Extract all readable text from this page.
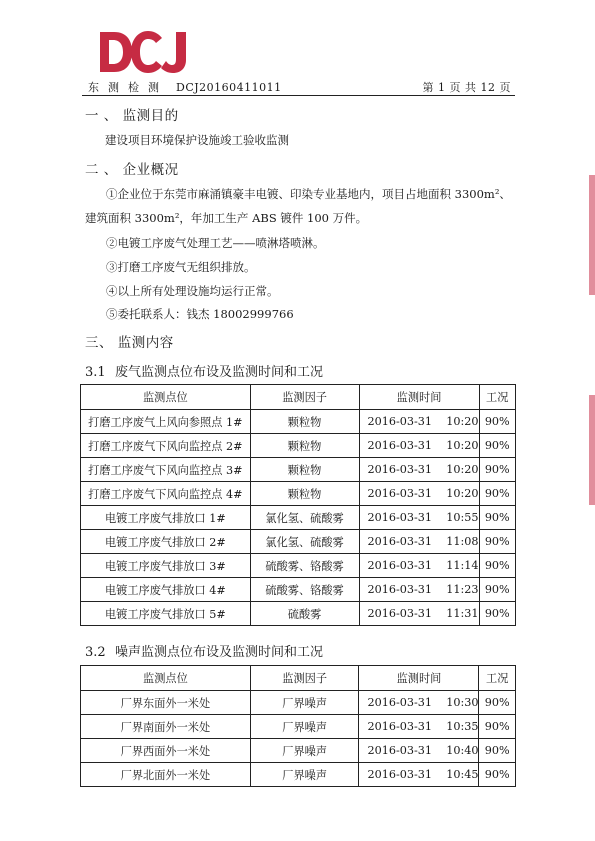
东测检测 DCJ20160411011	第 1 页 共 12 页
一 、 监测目的
建设项目环境保护设施竣工验收监测
二 、 企业概况
①企业位于东莞市麻涌镇豪丰电镀、印染专业基地内，项目占地面积 3300m²、
建筑面积 3300m²，年加工生产 ABS 镀件 100 万件。
②电镀工序废气处理工艺——喷淋塔喷淋。
③打磨工序废气无组织排放。
④以上所有处理设施均运行正常。
⑤委托联系人：钱杰 18002999766
三、 监测内容
3.1 废气监测点位布设及监测时间和工况
监测点位	监测因子	监测时间	工况
打磨工序废气上风向参照点 1#	颗粒物	2016-03-31    10:20	90%
打磨工序废气下风向监控点 2#	颗粒物	2016-03-31    10:20	90%
打磨工序废气下风向监控点 3#	颗粒物	2016-03-31    10:20	90%
打磨工序废气下风向监控点 4#	颗粒物	2016-03-31    10:20	90%
电镀工序废气排放口 1#	氯化氢、硫酸雾	2016-03-31    10:55	90%
电镀工序废气排放口 2#	氯化氢、硫酸雾	2016-03-31    11:08	90%
电镀工序废气排放口 3#	硫酸雾、铬酸雾	2016-03-31    11:14	90%
电镀工序废气排放口 4#	硫酸雾、铬酸雾	2016-03-31    11:23	90%
电镀工序废气排放口 5#	硫酸雾	2016-03-31    11:31	90%
3.2 噪声监测点位布设及监测时间和工况
监测点位	监测因子	监测时间	工况
厂界东面外一米处	厂界噪声	2016-03-31    10:30	90%
厂界南面外一米处	厂界噪声	2016-03-31    10:35	90%
厂界西面外一米处	厂界噪声	2016-03-31    10:40	90%
厂界北面外一米处	厂界噪声	2016-03-31    10:45	90%
